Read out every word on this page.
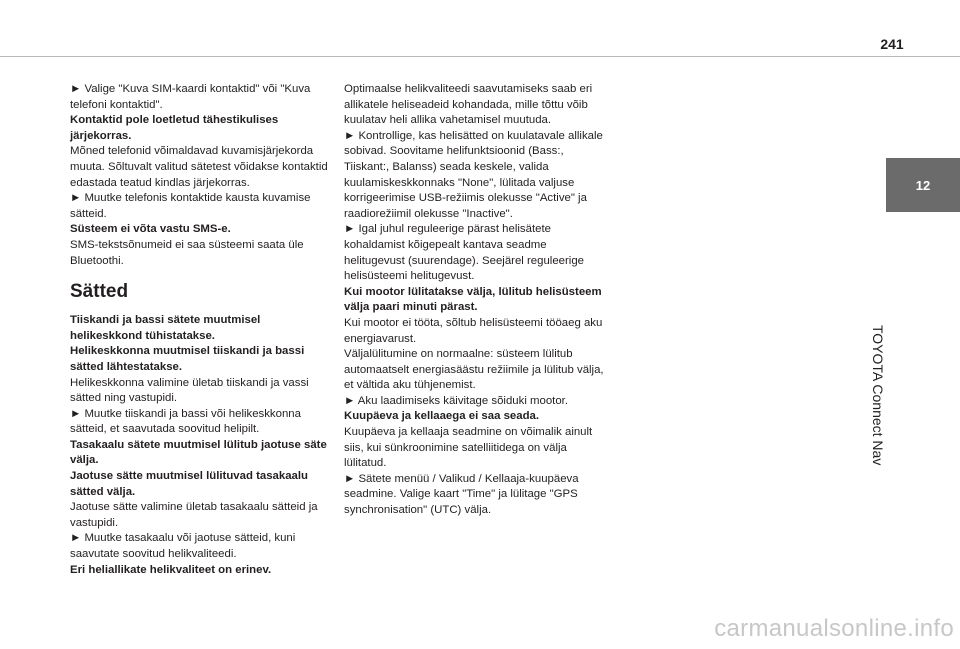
241
12
TOYOTA Connect Nav

► Valige "Kuva SIM-kaardi kontaktid" või "Kuva telefoni kontaktid".

Kontaktid pole loetletud tähestikulises järjekorras.

Mõned telefonid võimaldavad kuvamisjärjekorda muuta. Sõltuvalt valitud sätetest võidakse kontaktid edastada teatud kindlas järjekorras.

► Muutke telefonis kontaktide kausta kuvamise sätteid.

Süsteem ei võta vastu SMS-e.

SMS-tekstsõnumeid ei saa süsteemi saata üle Bluetoothi.

Sätted

Tiiskandi ja bassi sätete muutmisel helikeskkond tühistatakse.

Helikeskkonna muutmisel tiiskandi ja bassi sätted lähtestatakse.

Helikeskkonna valimine ületab tiiskandi ja vassi sätted ning vastupidi.

► Muutke tiiskandi ja bassi või helikeskkonna sätteid, et saavutada soovitud helipilt.

Tasakaalu sätete muutmisel lülitub jaotuse säte välja.

Jaotuse sätte muutmisel lülituvad tasakaalu sätted välja.

Jaotuse sätte valimine ületab tasakaalu sätteid ja vastupidi.

► Muutke tasakaalu või jaotuse sätteid, kuni saavutate soovitud helikvaliteedi.

Eri heliallikate helikvaliteet on erinev.

Optimaalse helikvaliteedi saavutamiseks saab eri allikatele heliseadeid kohandada, mille tõttu võib kuulatav heli allika vahetamisel muutuda.

► Kontrollige, kas helisätted on kuulatavale allikale sobivad. Soovitame helifunktsioonid (Bass:, Tiiskant:, Balanss) seada keskele, valida kuulamiskeskkonnaks "None", lülitada valjuse korrigeerimise USB-režiimis olekusse "Active" ja raadiorežiimil olekusse "Inactive".

► Igal juhul reguleerige pärast helisätete kohaldamist kõigepealt kantava seadme helitugevust (suurendage). Seejärel reguleerige helisüsteemi helitugevust.

Kui mootor lülitatakse välja, lülitub helisüsteem välja paari minuti pärast.

Kui mootor ei tööta, sõltub helisüsteemi tööaeg aku energiavarust.

Väljalülitumine on normaalne: süsteem lülitub automaatselt energiasäästu režiimile ja lülitub välja, et vältida aku tühjenemist.

► Aku laadimiseks käivitage sõiduki mootor.

Kuupäeva ja kellaaega ei saa seada.

Kuupäeva ja kellaaja seadmine on võimalik ainult siis, kui sünkroonimine satelliitidega on välja lülitatud.

► Sätete menüü / Valikud / Kellaaja-kuupäeva seadmine. Valige kaart "Time" ja lülitage "GPS synchronisation" (UTC) välja.

carmanualsonline.info
